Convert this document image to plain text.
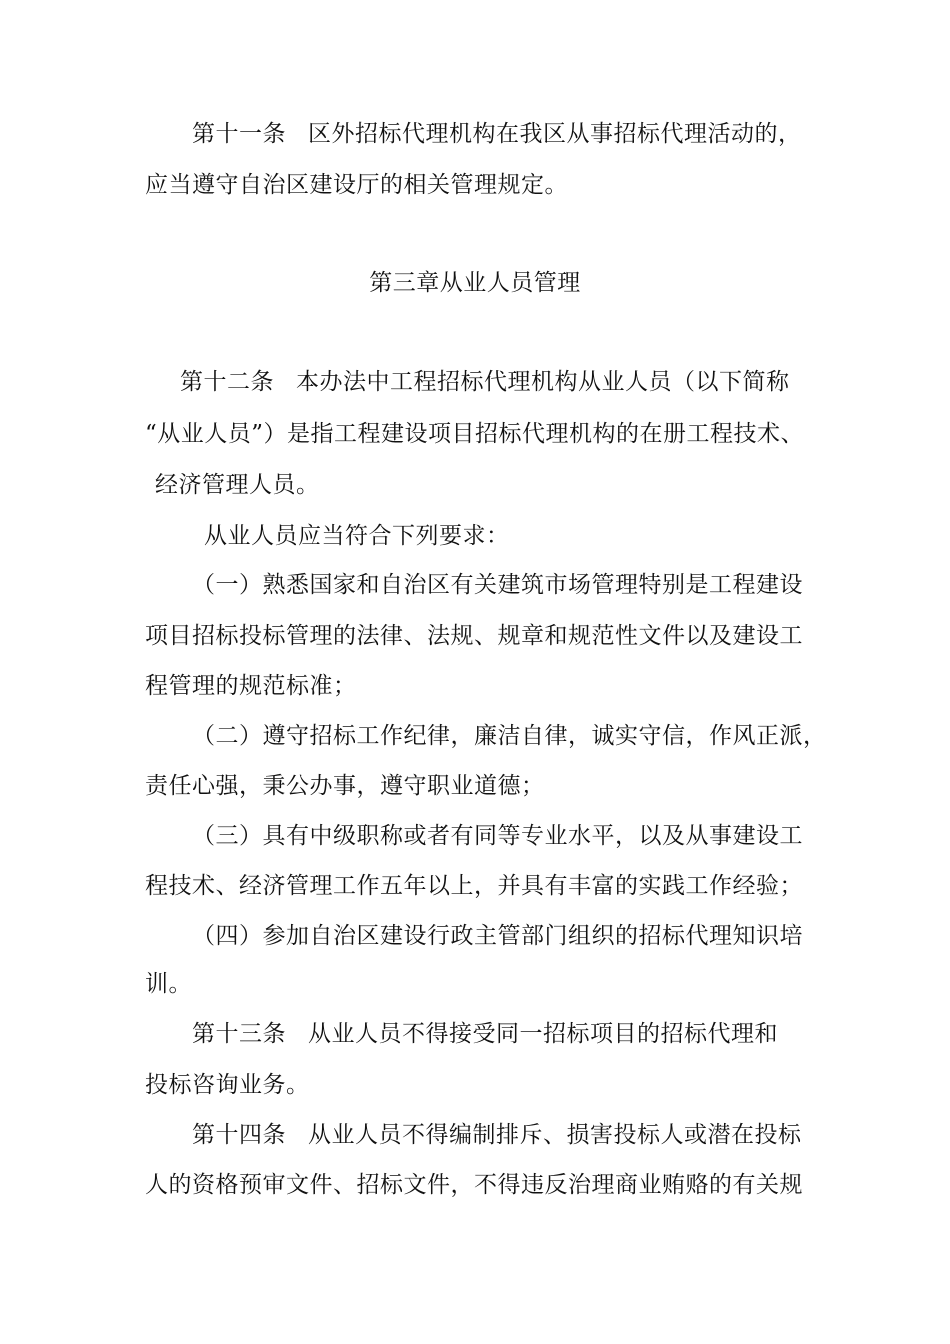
第十一条 区外招标代理机构在我区从事招标代理活动的，
应当遵守自治区建设厅的相关管理规定。
第三章从业人员管理
第十二条 本办法中工程招标代理机构从业人员（以下简称
“从业人员”）是指工程建设项目招标代理机构的在册工程技术、
经济管理人员。
从业人员应当符合下列要求：
（一）熟悉国家和自治区有关建筑市场管理特别是工程建设
项目招标投标管理的法律、法规、规章和规范性文件以及建设工
程管理的规范标准；
（二）遵守招标工作纪律，廉洁自律，诚实守信，作风正派，
责任心强，秉公办事，遵守职业道德；
（三）具有中级职称或者有同等专业水平，以及从事建设工
程技术、经济管理工作五年以上，并具有丰富的实践工作经验；
（四）参加自治区建设行政主管部门组织的招标代理知识培
训。
第十三条 从业人员不得接受同一招标项目的招标代理和
投标咨询业务。
第十四条 从业人员不得编制排斥、损害投标人或潜在投标
人的资格预审文件、招标文件，不得违反治理商业贿赂的有关规
